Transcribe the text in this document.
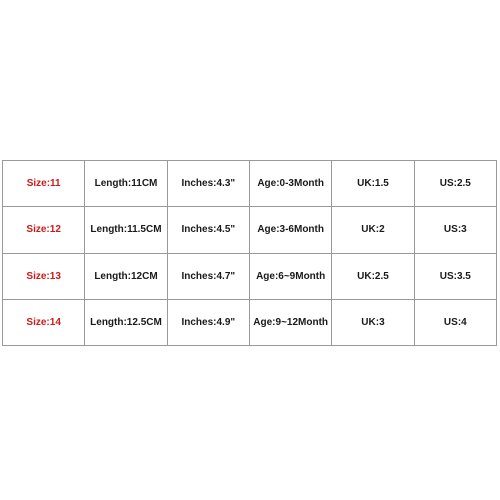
Size:11	Length:11CM	Inches:4.3"	Age:0-3Month	UK:1.5	US:2.5
Size:12	Length:11.5CM	Inches:4.5"	Age:3-6Month	UK:2	US:3
Size:13	Length:12CM	Inches:4.7"	Age:6~9Month	UK:2.5	US:3.5
Size:14	Length:12.5CM	Inches:4.9"	Age:9~12Month	UK:3	US:4
